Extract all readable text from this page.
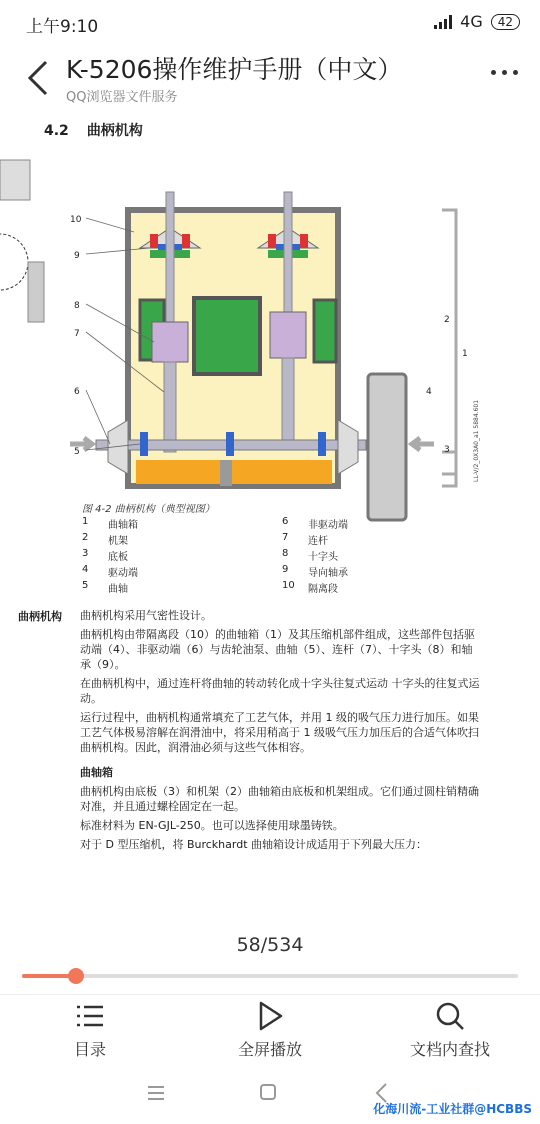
上午9:10	4G	42
K-5206操作维护手册（中文）
QQ浏览器文件服务
4.2 曲柄机构
10
9
8
7
6
5
4
2
1
3	LL-V/2_0X3A0_a1 5884.601
图 4-2 曲柄机构（典型视图）
1	曲轴箱	6	非驱动端
2	机架	7	连杆
3	底板	8	十字头
4	驱动端	9	导向轴承
5	曲轴	10	隔离段
曲柄机构 曲柄机构采用气密性设计。

曲柄机构由带隔离段（10）的曲轴箱（1）及其压缩机部件组成，这些部件包括驱动端（4）、非驱动端（6）与齿轮油泵、曲轴（5）、连杆（7）、十字头（8）和轴承（9）。

在曲柄机构中，通过连杆将曲轴的转动转化成十字头往复式运动 十字头的往复式运动。

运行过程中，曲柄机构通常填充了工艺气体，并用 1 级的吸气压力进行加压。如果工艺气体极易溶解在润滑油中，将采用稍高于 1 级吸气压力加压后的合适气体吹扫曲柄机构。因此，润滑油必须与这些气体相容。

曲轴箱

曲柄机构由底板（3）和机架（2）曲轴箱由底板和机架组成。它们通过圆柱销精确对准，并且通过螺栓固定在一起。

标准材料为 EN-GJL-250。也可以选择使用球墨铸铁。

对于 D 型压缩机，将 Burckhardt 曲轴箱设计成适用于下列最大压力：

58/534
目录	全屏播放	文档内查找
化海川流-工业社群@HCBBS
